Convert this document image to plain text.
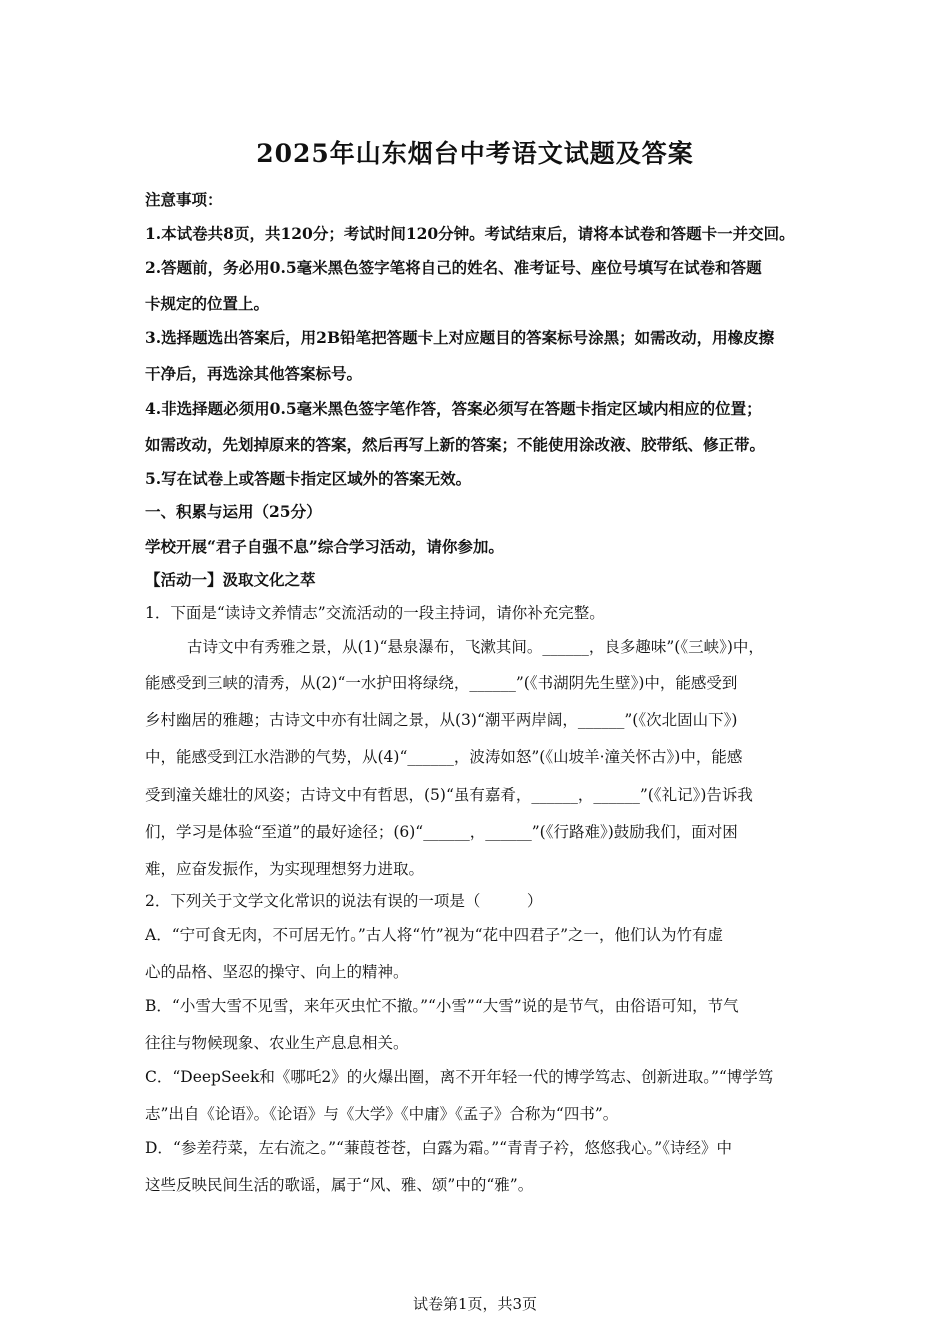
2025年山东烟台中考语文试题及答案
注意事项：
1.本试卷共8页，共120分；考试时间120分钟。考试结束后，请将本试卷和答题卡一并交回。
2.答题前，务必用0.5毫米黑色签字笔将自己的姓名、准考证号、座位号填写在试卷和答题
卡规定的位置上。
3.选择题选出答案后，用2B铅笔把答题卡上对应题目的答案标号涂黑；如需改动，用橡皮擦
干净后，再选涂其他答案标号。
4.非选择题必须用0.5毫米黑色签字笔作答，答案必须写在答题卡指定区域内相应的位置；
如需改动，先划掉原来的答案，然后再写上新的答案；不能使用涂改液、胶带纸、修正带。
5.写在试卷上或答题卡指定区域外的答案无效。
一、积累与运用（25分）
学校开展“君子自强不息”综合学习活动，请你参加。
【活动一】汲取文化之萃
1．下面是“读诗文养情志”交流活动的一段主持词，请你补充完整。
古诗文中有秀雅之景，从(1)“悬泉瀑布，飞漱其间。______，良多趣味”(《三峡》)中，
能感受到三峡的清秀，从(2)“一水护田将绿绕，______”(《书湖阴先生壁》)中，能感受到
乡村幽居的雅趣；古诗文中亦有壮阔之景，从(3)“潮平两岸阔，______”(《次北固山下》)
中，能感受到江水浩渺的气势，从(4)“______，波涛如怒”(《山坡羊·潼关怀古》)中，能感
受到潼关雄壮的风姿；古诗文中有哲思，(5)“虽有嘉肴，______，______”(《礼记》)告诉我
们，学习是体验“至道”的最好途径；(6)“______，______”(《行路难》)鼓励我们，面对困
难，应奋发振作，为实现理想努力进取。
2．下列关于文学文化常识的说法有误的一项是（　　　）
A．“宁可食无肉，不可居无竹。”古人将“竹”视为“花中四君子”之一，他们认为竹有虚
心的品格、坚忍的操守、向上的精神。
B．“小雪大雪不见雪，来年灭虫忙不撤。”“小雪”“大雪”说的是节气，由俗语可知，节气
往往与物候现象、农业生产息息相关。
C．“DeepSeek和《哪吒2》的火爆出圈，离不开年轻一代的博学笃志、创新进取。”“博学笃
志”出自《论语》。《论语》与《大学》《中庸》《孟子》合称为“四书”。
D．“参差荇菜，左右流之。”“蒹葭苍苍，白露为霜。”“青青子衿，悠悠我心。”《诗经》中
这些反映民间生活的歌谣，属于“风、雅、颂”中的“雅”。
试卷第1页，共3页
